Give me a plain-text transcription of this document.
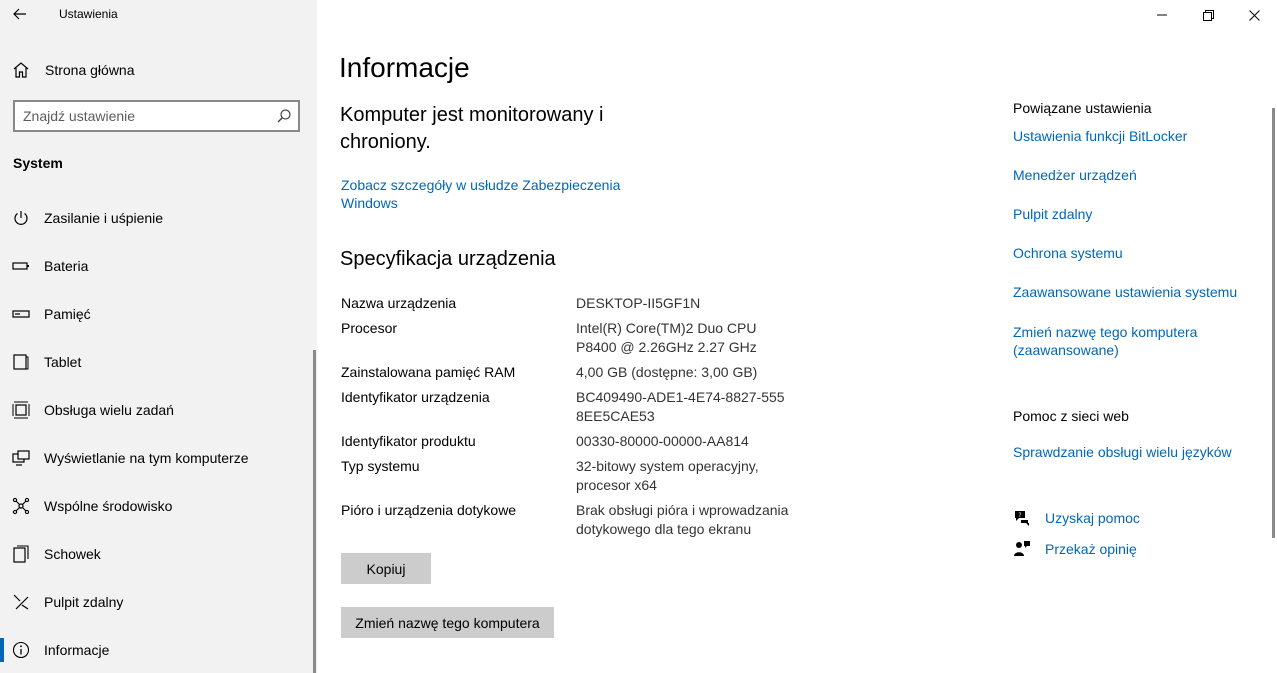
Ustawienia
Strona główna
Znajdź ustawienie
System
Zasilanie i uśpienie
Bateria
Pamięć
Tablet
Obsługa wielu zadań
Wyświetlanie na tym komputerze
Wspólne środowisko
Schowek
Pulpit zdalny
Informacje
Informacje
Komputer jest monitorowany i chroniony.
Zobacz szczegóły w usłudze Zabezpieczenia Windows
Specyfikacja urządzenia
Nazwa urządzenia	DESKTOP-II5GF1N
Procesor	Intel(R) Core(TM)2 Duo CPU P8400 @ 2.26GHz 2.27 GHz
Zainstalowana pamięć RAM	4,00 GB (dostępne: 3,00 GB)
Identyfikator urządzenia	BC409490-ADE1-4E74-8827-5558EE5CAE53
Identyfikator produktu	00330-80000-00000-AA814
Typ systemu	32-bitowy system operacyjny, procesor x64
Pióro i urządzenia dotykowe	Brak obsługi pióra i wprowadzania dotykowego dla tego ekranu
Kopiuj
Zmień nazwę tego komputera
Powiązane ustawienia
Ustawienia funkcji BitLocker
Menedżer urządzeń
Pulpit zdalny
Ochrona systemu
Zaawansowane ustawienia systemu
Zmień nazwę tego komputera (zaawansowane)
Pomoc z sieci web
Sprawdzanie obsługi wielu języków
? Uzyskaj pomoc
Przekaż opinię
